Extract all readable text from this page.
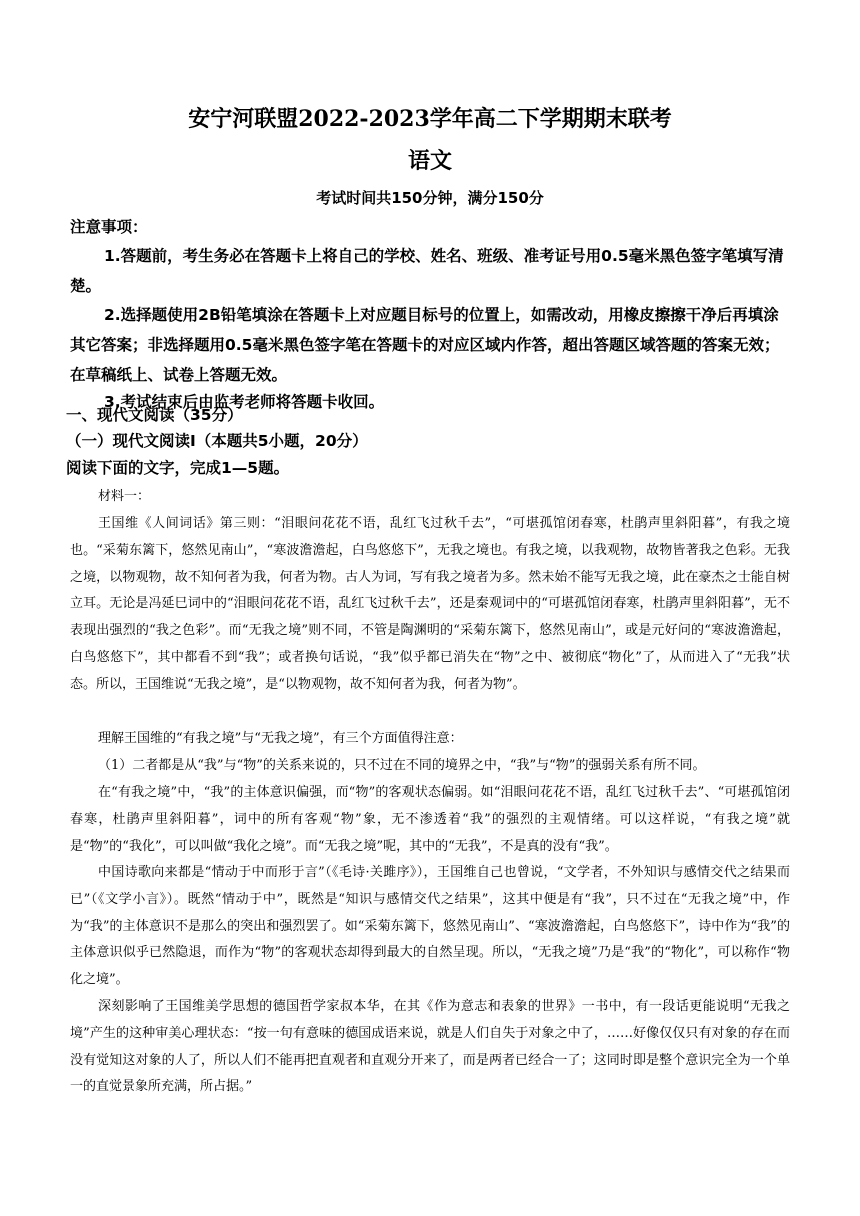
安宁河联盟2022-2023学年高二下学期期末联考
语文
考试时间共150分钟，满分150分
注意事项：
1.答题前，考生务必在答题卡上将自己的学校、姓名、班级、准考证号用0.5毫米黑色签字笔填写清楚。
2.选择题使用2B铅笔填涂在答题卡上对应题目标号的位置上，如需改动，用橡皮擦擦干净后再填涂其它答案；非选择题用0.5毫米黑色签字笔在答题卡的对应区域内作答，超出答题区域答题的答案无效；在草稿纸上、试卷上答题无效。
3.考试结束后由监考老师将答题卡收回。
一、现代文阅读（35分）
（一）现代文阅读I（本题共5小题，20分）
阅读下面的文字，完成1—5题。
材料一：
王国维《人间词话》第三则：“泪眼问花花不语，乱红飞过秋千去”，“可堪孤馆闭春寒，杜鹃声里斜阳暮”，有我之境也。“采菊东篱下，悠然见南山”，“寒波澹澹起，白鸟悠悠下”，无我之境也。有我之境，以我观物，故物皆著我之色彩。无我之境，以物观物，故不知何者为我，何者为物。古人为词，写有我之境者为多。然未始不能写无我之境，此在豪杰之士能自树立耳。无论是冯延巳词中的“泪眼问花花不语，乱红飞过秋千去”，还是秦观词中的“可堪孤馆闭春寒，杜鹃声里斜阳暮”，无不表现出强烈的“我之色彩”。而“无我之境”则不同，不管是陶渊明的“采菊东篱下，悠然见南山”，或是元好问的“寒波澹澹起，白鸟悠悠下”，其中都看不到“我”；或者换句话说，“我”似乎都已消失在“物”之中、被彻底“物化”了，从而进入了“无我”状态。所以，王国维说“无我之境”，是“以物观物，故不知何者为我，何者为物”。
理解王国维的“有我之境”与“无我之境”，有三个方面值得注意：
（1）二者都是从“我”与“物”的关系来说的，只不过在不同的境界之中，“我”与“物”的强弱关系有所不同。
在“有我之境”中，“我”的主体意识偏强，而“物”的客观状态偏弱。如“泪眼问花花不语，乱红飞过秋千去”、“可堪孤馆闭春寒，杜鹃声里斜阳暮”，词中的所有客观“物”象，无不渗透着“我”的强烈的主观情绪。可以这样说，“有我之境”就是“物”的“我化”，可以叫做“我化之境”。而“无我之境”呢，其中的“无我”，不是真的没有“我”。
中国诗歌向来都是“情动于中而形于言”（《毛诗·关雎序》），王国维自己也曾说，“文学者，不外知识与感情交代之结果而已”（《文学小言》）。既然“情动于中”，既然是“知识与感情交代之结果”，这其中便是有“我”，只不过在“无我之境”中，作为“我”的主体意识不是那么的突出和强烈罢了。如“采菊东篱下，悠然见南山”、“寒波澹澹起，白鸟悠悠下”，诗中作为“我”的主体意识似乎已然隐退，而作为“物”的客观状态却得到最大的自然呈现。所以，“无我之境”乃是“我”的“物化”，可以称作“物化之境”。
深刻影响了王国维美学思想的德国哲学家叔本华，在其《作为意志和表象的世界》一书中，有一段话更能说明“无我之境”产生的这种审美心理状态：“按一句有意味的德国成语来说，就是人们自失于对象之中了，……好像仅仅只有对象的存在而没有觉知这对象的人了，所以人们不能再把直观者和直观分开来了，而是两者已经合一了；这同时即是整个意识完全为一个单一的直觉景象所充满，所占据。”
